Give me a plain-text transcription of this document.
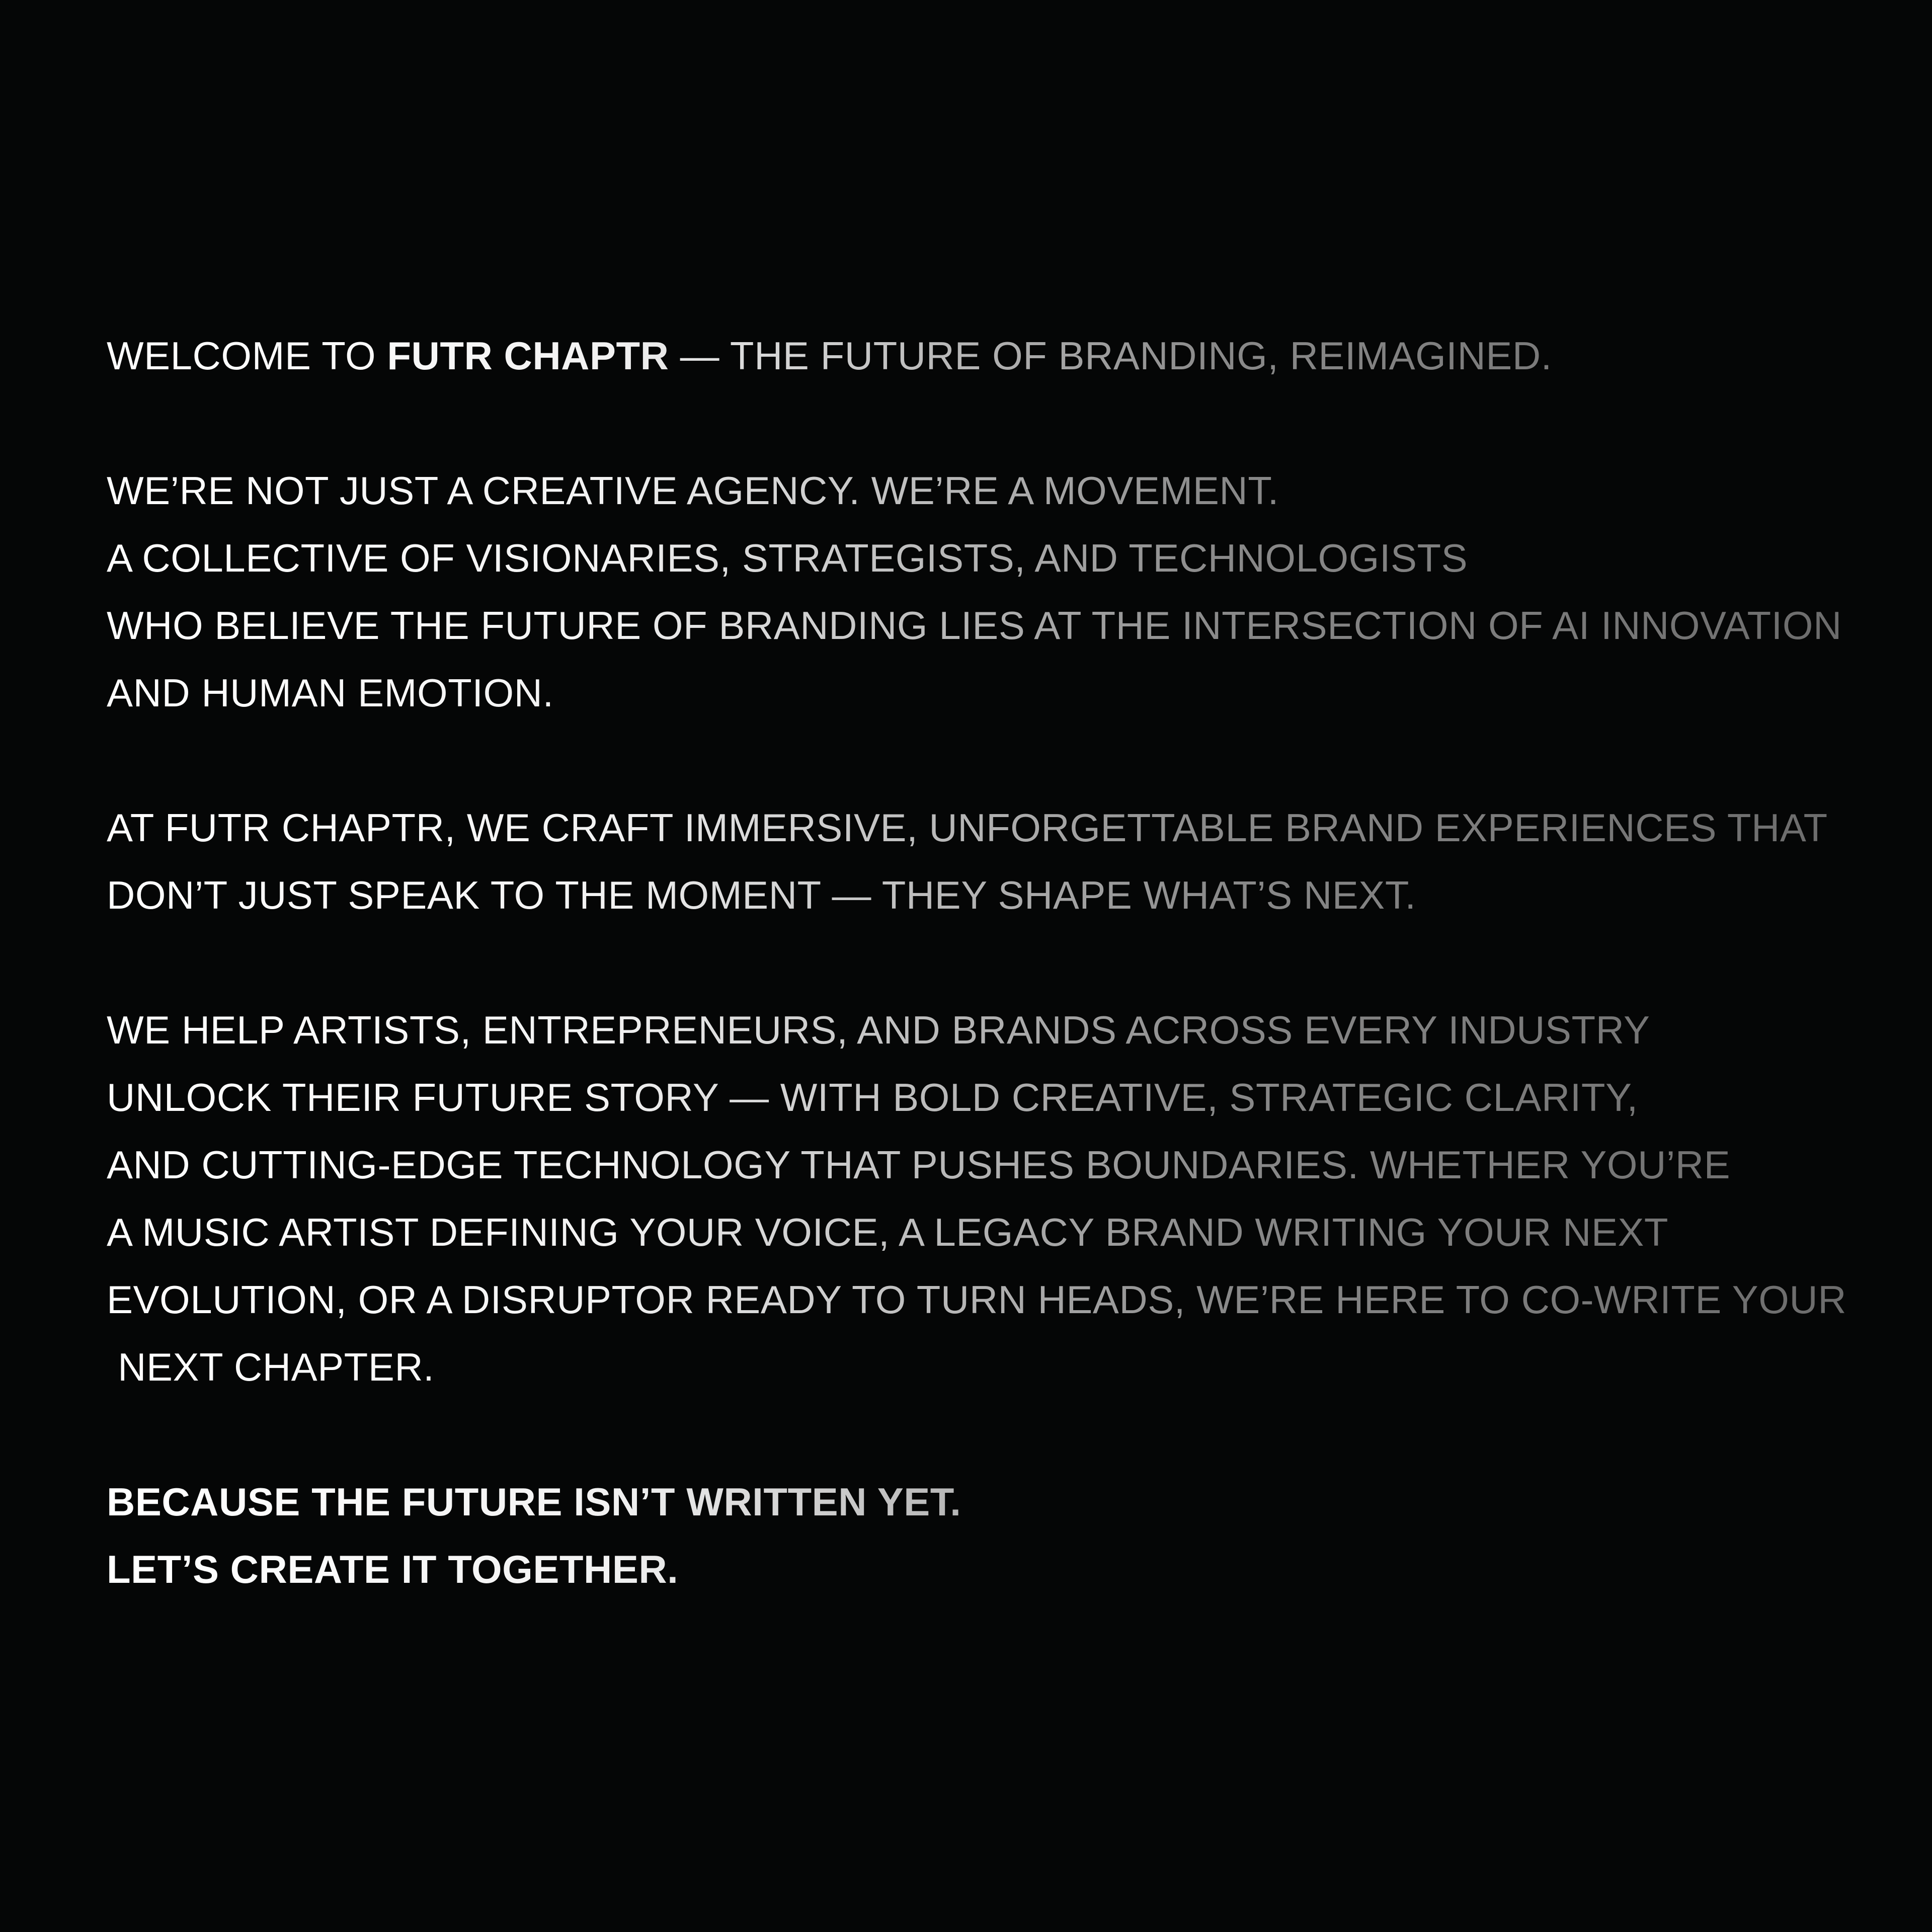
WELCOME TO FUTR CHAPTR — THE FUTURE OF BRANDING, REIMAGINED.
WE’RE NOT JUST A CREATIVE AGENCY. WE’RE A MOVEMENT.
A COLLECTIVE OF VISIONARIES, STRATEGISTS, AND TECHNOLOGISTS
WHO BELIEVE THE FUTURE OF BRANDING LIES AT THE INTERSECTION OF AI INNOVATION
AND HUMAN EMOTION.
AT FUTR CHAPTR, WE CRAFT IMMERSIVE, UNFORGETTABLE BRAND EXPERIENCES THAT
DON’T JUST SPEAK TO THE MOMENT — THEY SHAPE WHAT’S NEXT.
WE HELP ARTISTS, ENTREPRENEURS, AND BRANDS ACROSS EVERY INDUSTRY
UNLOCK THEIR FUTURE STORY — WITH BOLD CREATIVE, STRATEGIC CLARITY,
AND CUTTING-EDGE TECHNOLOGY THAT PUSHES BOUNDARIES. WHETHER YOU’RE
A MUSIC ARTIST DEFINING YOUR VOICE, A LEGACY BRAND WRITING YOUR NEXT
EVOLUTION, OR A DISRUPTOR READY TO TURN HEADS, WE’RE HERE TO CO-WRITE YOUR
NEXT CHAPTER.
BECAUSE THE FUTURE ISN’T WRITTEN YET.
LET’S CREATE IT TOGETHER.
